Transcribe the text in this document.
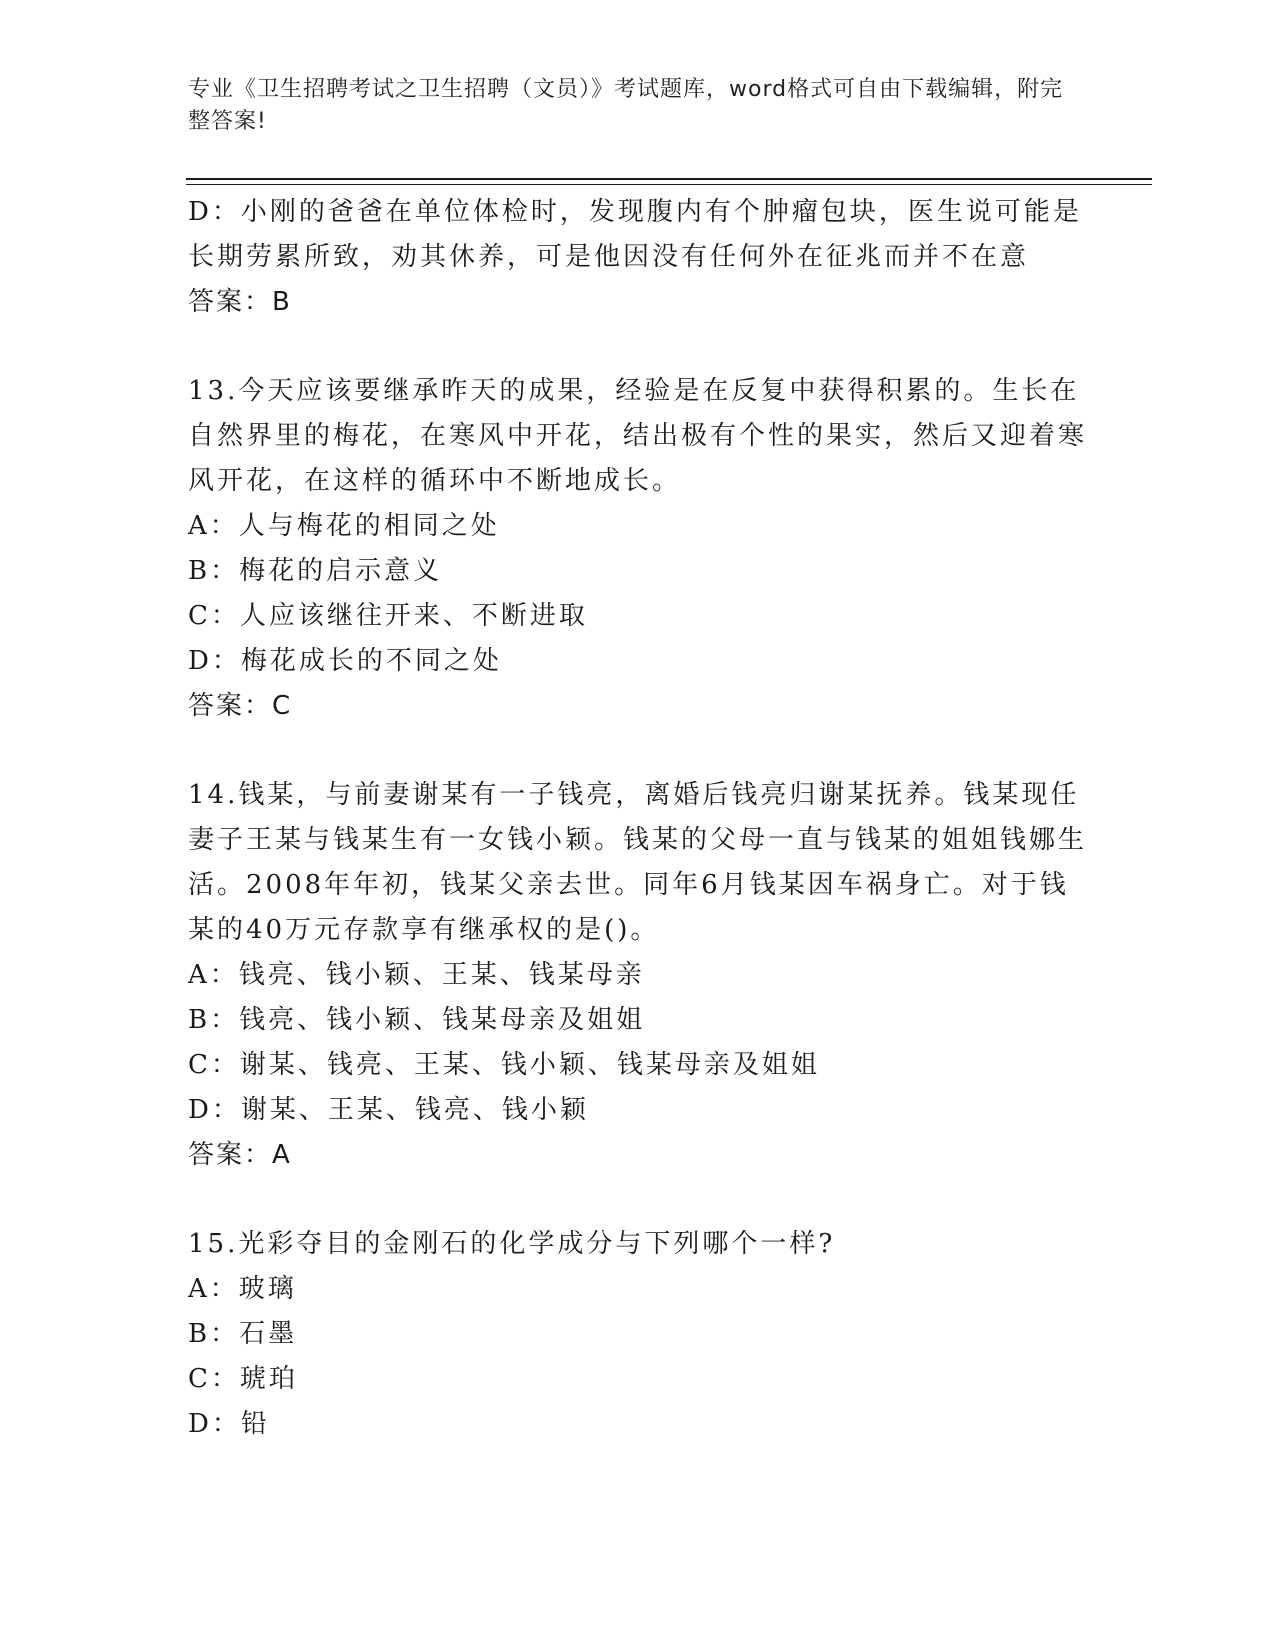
专业《卫生招聘考试之卫生招聘（文员）》考试题库，word格式可自由下载编辑，附完整答案!

D：小刚的爸爸在单位体检时，发现腹内有个肿瘤包块，医生说可能是长期劳累所致，劝其休养，可是他因没有任何外在征兆而并不在意

答案：B

13.今天应该要继承昨天的成果，经验是在反复中获得积累的。生长在自然界里的梅花，在寒风中开花，结出极有个性的果实，然后又迎着寒风开花，在这样的循环中不断地成长。

A：人与梅花的相同之处

B：梅花的启示意义

C：人应该继往开来、不断进取

D：梅花成长的不同之处

答案：C

14.钱某，与前妻谢某有一子钱亮，离婚后钱亮归谢某抚养。钱某现任妻子王某与钱某生有一女钱小颖。钱某的父母一直与钱某的姐姐钱娜生活。2008年年初，钱某父亲去世。同年6月钱某因车祸身亡。对于钱某的40万元存款享有继承权的是()。

A：钱亮、钱小颖、王某、钱某母亲

B：钱亮、钱小颖、钱某母亲及姐姐

C：谢某、钱亮、王某、钱小颖、钱某母亲及姐姐

D：谢某、王某、钱亮、钱小颖

答案：A

15.光彩夺目的金刚石的化学成分与下列哪个一样?

A：玻璃

B：石墨

C：琥珀

D：铅
